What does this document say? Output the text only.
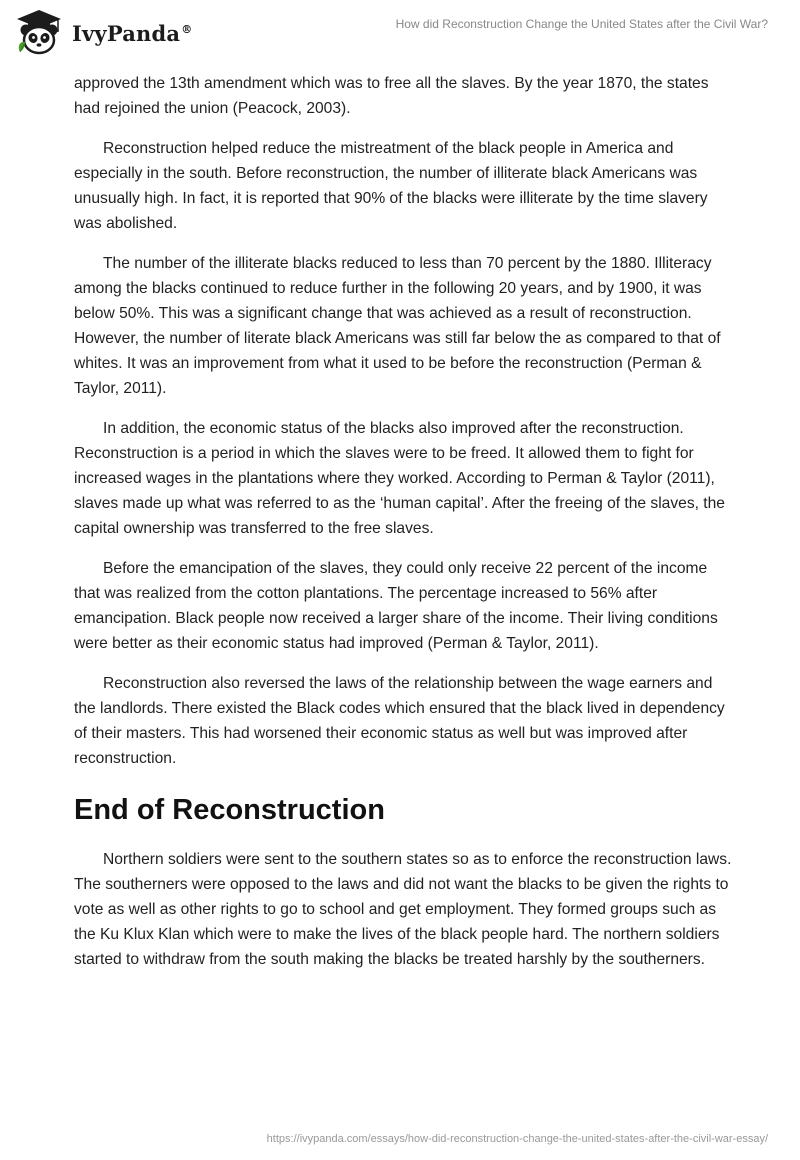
IvyPanda®	How did Reconstruction Change the United States after the Civil War?

approved the 13th amendment which was to free all the slaves. By the year 1870, the states had rejoined the union (Peacock, 2003).

Reconstruction helped reduce the mistreatment of the black people in America and especially in the south. Before reconstruction, the number of illiterate black Americans was unusually high. In fact, it is reported that 90% of the blacks were illiterate by the time slavery was abolished.

The number of the illiterate blacks reduced to less than 70 percent by the 1880. Illiteracy among the blacks continued to reduce further in the following 20 years, and by 1900, it was below 50%. This was a significant change that was achieved as a result of reconstruction. However, the number of literate black Americans was still far below the as compared to that of whites. It was an improvement from what it used to be before the reconstruction (Perman & Taylor, 2011).

In addition, the economic status of the blacks also improved after the reconstruction. Reconstruction is a period in which the slaves were to be freed. It allowed them to fight for increased wages in the plantations where they worked. According to Perman & Taylor (2011), slaves made up what was referred to as the ‘human capital’. After the freeing of the slaves, the capital ownership was transferred to the free slaves.

Before the emancipation of the slaves, they could only receive 22 percent of the income that was realized from the cotton plantations. The percentage increased to 56% after emancipation. Black people now received a larger share of the income. Their living conditions were better as their economic status had improved (Perman & Taylor, 2011).

Reconstruction also reversed the laws of the relationship between the wage earners and the landlords. There existed the Black codes which ensured that the black lived in dependency of their masters. This had worsened their economic status as well but was improved after reconstruction.

End of Reconstruction

Northern soldiers were sent to the southern states so as to enforce the reconstruction laws. The southerners were opposed to the laws and did not want the blacks to be given the rights to vote as well as other rights to go to school and get employment. They formed groups such as the Ku Klux Klan which were to make the lives of the black people hard. The northern soldiers started to withdraw from the south making the blacks be treated harshly by the southerners.

https://ivypanda.com/essays/how-did-reconstruction-change-the-united-states-after-the-civil-war-essay/
